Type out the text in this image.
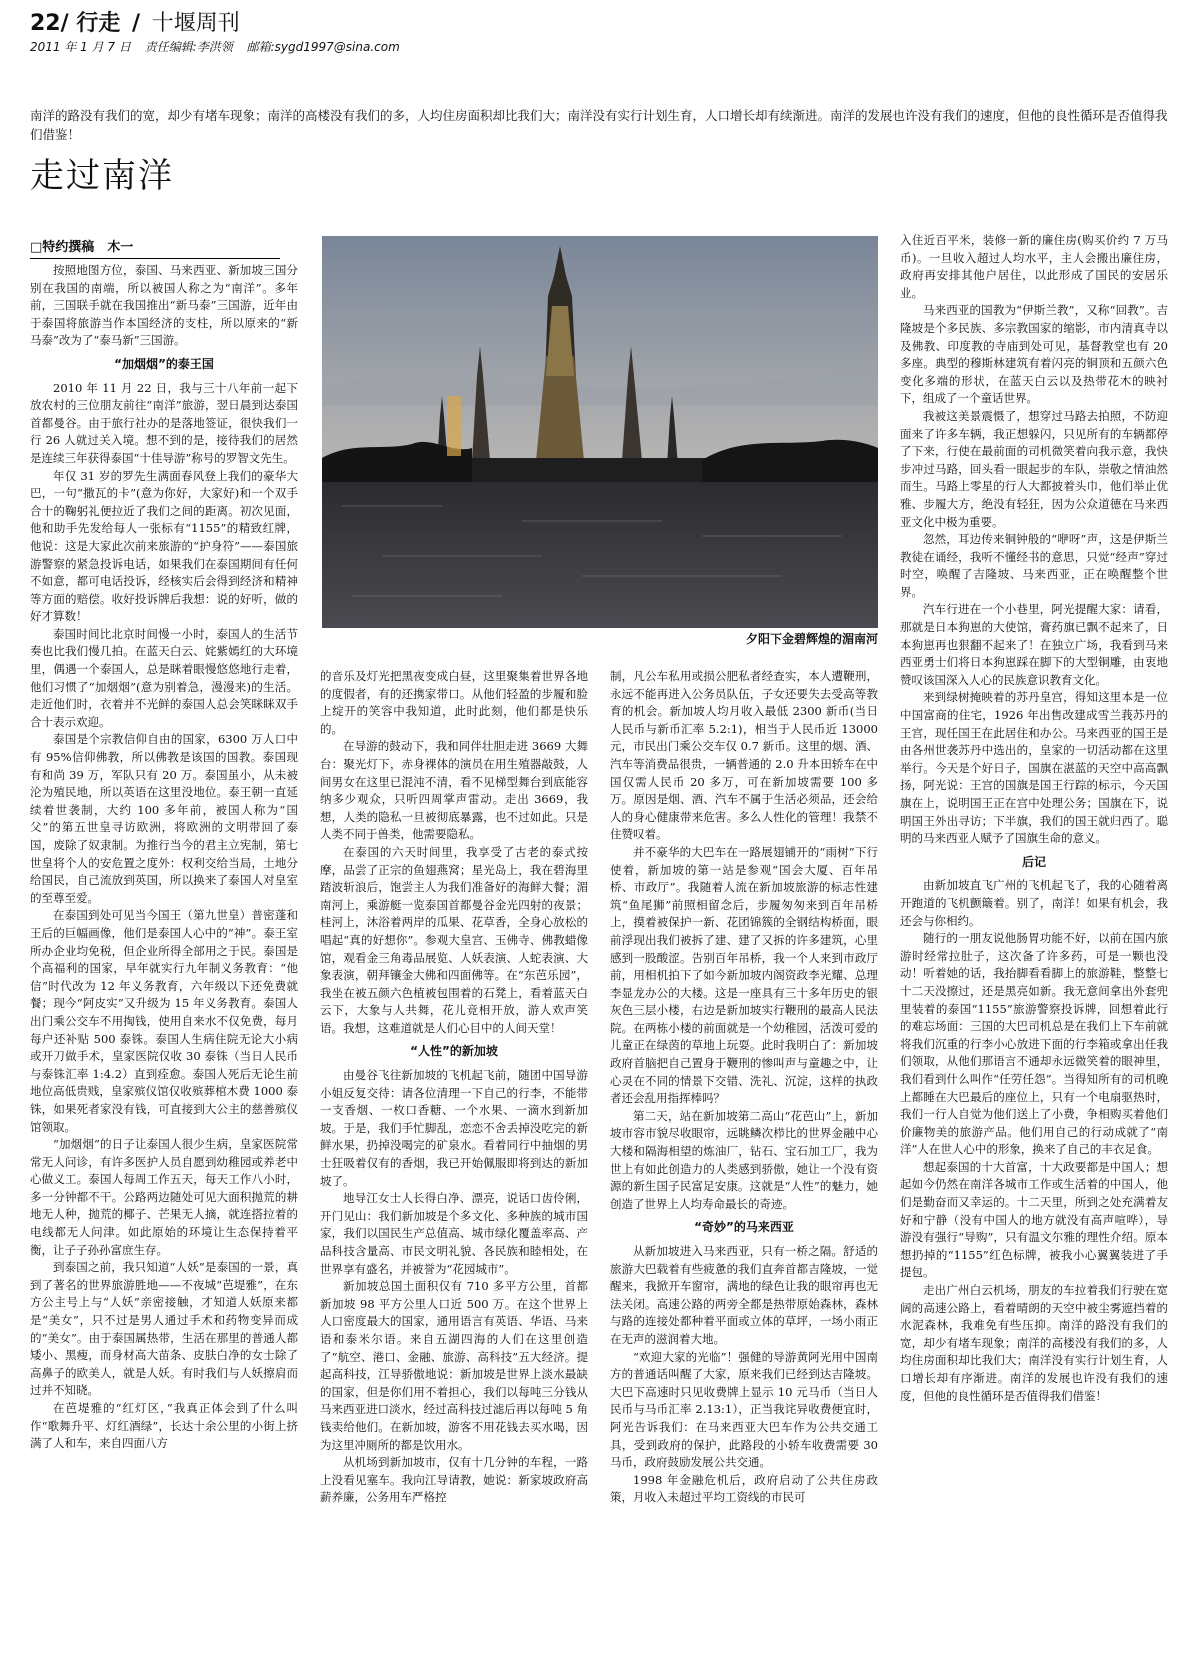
22/ 行走 / 十堰周刊
2011 年 1 月 7 日 责任编辑:李洪领 邮箱:sygd1997@sina.com
南洋的路没有我们的宽，却少有堵车现象；南洋的高楼没有我们的多，人均住房面积却比我们大；南洋没有实行计划生育，人口增长却有续渐进。南洋的发展也许没有我们的速度，但他的良性循环是否值得我们借鉴！
走过南洋
□特约撰稿　木一
夕阳下金碧辉煌的湄南河

按照地图方位，泰国、马来西亚、新加坡三国分别在我国的南端，所以被国人称之为“南洋”。多年前，三国联手就在我国推出“新马泰”三国游，近年由于泰国将旅游当作本国经济的支柱，所以原来的“新马泰”改为了“泰马新”三国游。

“加烟烟”的泰王国

2010 年 11 月 22 日，我与三十八年前一起下放农村的三位朋友前往“南洋”旅游，翌日晨到达泰国首都曼谷。由于旅行社办的是落地签证，很快我们一行 26 人就过关入境。想不到的是，接待我们的居然是连续三年获得泰国“十佳导游”称号的罗智文先生。

年仅 31 岁的罗先生满面春风登上我们的豪华大巴，一句“撒瓦的卡”(意为你好，大家好)和一个双手合十的鞠躬礼便拉近了我们之间的距离。初次见面，他和助手先发给每人一张标有“1155”的精致红牌，他说：这是大家此次前来旅游的“护身符”——泰国旅游警察的紧急投诉电话，如果我们在泰国期间有任何不如意，都可电话投诉，经核实后会得到经济和精神等方面的赔偿。收好投诉牌后我想：说的好听，做的好才算数！

泰国时间比北京时间慢一小时，泰国人的生活节奏也比我们慢几拍。在蓝天白云、姹紫嫣红的大环境里，偶遇一个泰国人，总是眯着眼慢悠悠地行走着，他们习惯了“加烟烟”(意为别着急，漫漫来)的生活。走近他们时，衣着并不光鲜的泰国人总会笑眯眯双手合十表示欢迎。

泰国是个宗教信仰自由的国家，6300 万人口中有 95%信仰佛教，所以佛教是该国的国教。泰国现有和尚 39 万，军队只有 20 万。泰国虽小，从未被沦为殖民地，所以英语在这里没地位。泰王朝一直延续着世袭制，大约 100 多年前，被国人称为“国父”的第五世皇寻访欧洲，将欧洲的文明带回了泰国，废除了奴隶制。为推行当今的君主立宪制，第七世皇将个人的安危置之度外：权利交给当局，土地分给国民，自己流放到英国，所以换来了泰国人对皇室的至尊至爱。

在泰国到处可见当今国王（第九世皇）普密蓬和王后的巨幅画像，他们是泰国人心中的“神”。泰王室所办企业均免税，但企业所得全部用之于民。泰国是个高福利的国家，早年就实行九年制义务教育：“他信”时代改为 12 年义务教育，六年级以下还免费就餐；现今“阿皮实”又升级为 15 年义务教育。泰国人出门乘公交车不用掏钱，使用自来水不仅免费，每月每户还补贴 500 泰铢。泰国人生病住院无论大小病或开刀做手术，皇家医院仅收 30 泰铢（当日人民币与泰铢汇率 1:4.2）直到痊愈。泰国人死后无论生前地位高低贵贱，皇家殡仪馆仅收殡葬棺木费 1000 泰铢，如果死者家没有钱，可直接到大公主的慈善殡仪馆领取。

“加烟烟”的日子让泰国人很少生病，皇家医院常常无人问诊，有许多医护人员自愿到幼稚园或养老中心做义工。泰国人每周工作五天，每天工作八小时，多一分钟都不干。公路两边随处可见大面积抛荒的耕地无人种，抛荒的椰子、芒果无人摘，就连搭拉着的电线都无人问津。如此原始的环境让生态保持着平衡，让子子孙孙富庶生存。

到泰国之前，我只知道“人妖”是泰国的一景，真到了著名的世界旅游胜地——不夜城“芭堤雅”，在东方公主号上与“人妖”亲密接触，才知道人妖原来都是“美女”，只不过是男人通过手术和药物变异而成的“美女”。由于泰国属热带，生活在那里的普通人都矮小、黑瘦，而身材高大苗条、皮肤白净的女士除了高鼻子的欧美人，就是人妖。有时我们与人妖擦肩而过并不知晓。

在芭堤雅的“红灯区，”我真正体会到了什么叫作“歌舞升平、灯红酒绿”，长达十余公里的小街上挤满了人和车，来自四面八方

的音乐及灯光把黑夜变成白昼，这里聚集着世界各地的度假者，有的还携家带口。从他们轻盈的步履和脸上绽开的笑容中我知道，此时此刻，他们都是快乐的。

在导游的鼓动下，我和同伴壮胆走进 3669 大舞台：聚光灯下，赤身裸体的演员在用生殖器敲鼓，人间男女在这里已混沌不清，看不见梯型舞台到底能容纳多少观众，只听四周掌声雷动。走出 3669，我想，人类的隐私一旦被彻底暴露，也不过如此。只是人类不同于兽类，他需要隐私。

在泰国的六天时间里，我享受了古老的泰式按摩，品尝了正宗的鱼翅燕窝；星光岛上，我在碧海里踏波斩浪后，饱尝主人为我们准备好的海鲜大餐；湄南河上，乘游艇一览泰国首都曼谷金光四射的夜景；桂河上，沐浴着两岸的瓜果、花草香，全身心放松的唱起“真的好想你”。参观大皇宫、玉佛寺、佛教蜡像馆，观看金三角毒品展览、人妖表演、人蛇表演、大象表演，朝拜镶金大佛和四面佛等。在“东芭乐园”，我坐在被五颜六色植被包围着的石凳上，看着蓝天白云下，大象与人共舞，花儿竞相开放，游人欢声笑语。我想，这难道就是人们心目中的人间天堂！

“人性”的新加坡

由曼谷飞往新加坡的飞机起飞前，随团中国导游小姐反复交待：请各位清理一下自己的行李，不能带一支香烟、一枚口香糖、一个水果、一滴水到新加坡。于是，我们手忙脚乱，恋恋不舍丢掉没吃完的新鲜水果，扔掉没喝完的矿泉水。看着同行中抽烟的男士狂吸着仅有的香烟，我已开始佩服即将到达的新加坡了。

地导江女士人长得白净、漂亮，说话口齿伶俐，开门见山：我们新加坡是个多文化、多种族的城市国家，我们以国民生产总值高、城市绿化覆盖率高、产品科技含量高、市民文明礼貌、各民族和睦相处，在世界享有盛名，并被誉为“花园城市”。

新加坡总国土面积仅有 710 多平方公里，首都新加坡 98 平方公里人口近 500 万。在这个世界上人口密度最大的国家，通用语言有英语、华语、马来语和泰米尔语。来自五湖四海的人们在这里创造了“航空、港口、金融、旅游、高科技”五大经济。提起高科技，江导骄傲地说：新加坡是世界上淡水最缺的国家，但是你们用不着担心，我们以每吨三分钱从马来西亚进口淡水，经过高科技过滤后再以每吨 5 角钱卖给他们。在新加坡，游客不用花钱去买水喝，因为这里冲厕所的都是饮用水。

从机场到新加坡市，仅有十几分钟的车程，一路上没看见塞车。我向江导请教，她说：新家坡政府高薪养廉，公务用车严格控

制，凡公车私用或损公肥私者经查实，本人遭鞭刑，永远不能再进入公务员队伍，子女还要失去受高等教育的机会。新加坡人均月收入最低 2300 新币(当日人民币与新币汇率 5.2:1)，相当于人民币近 13000 元，市民出门乘公交车仅 0.7 新币。这里的烟、酒、汽车等消费品很贵，一辆普通的 2.0 升本田轿车在中国仅需人民币 20 多万，可在新加坡需要 100 多万。原因是烟、酒、汽车不属于生活必须品，还会给人的身心健康带来危害。多么人性化的管理！我禁不住赞叹着。

并不豪华的大巴车在一路展翅铺开的“雨树”下行使着，新加坡的第一站是参观“国会大厦、百年吊桥、市政厅”。我随着人流在新加坡旅游的标志性建筑“鱼尾狮”前照相留念后，步履匆匆来到百年吊桥上，摸着被保护一新、花团锦簇的全钢结构桥面，眼前浮现出我们被拆了建、建了又拆的许多建筑，心里感到一股酸涩。告别百年吊桥，我一个人来到市政厅前，用相机拍下了如今新加坡内阁资政李光耀、总理李显龙办公的大楼。这是一座具有三十多年历史的银灰色三层小楼，右边是新加坡实行鞭刑的最高人民法院。在两栋小楼的前面就是一个幼稚园，活泼可爱的儿童正在绿茵的草地上玩耍。此时我明白了：新加坡政府首脑把自己置身于鞭刑的惨叫声与童趣之中，让心灵在不同的情景下交错、洗礼、沉淀，这样的执政者还会乱用指挥棒吗？

第二天，站在新加坡第二高山“花芭山”上，新加坡市容市貌尽收眼帘，远眺鳞次栉比的世界金融中心大楼和隔海相望的炼油厂，钻石、宝石加工厂，我为世上有如此创造力的人类感到骄傲，她让一个没有资源的新生国子民富足安康。这就是“人性”的魅力，她创造了世界上人均寿命最长的奇迹。

“奇妙”的马来西亚

从新加坡进入马来西亚，只有一桥之隔。舒适的旅游大巴载着有些疲惫的我们直奔首都吉隆坡，一觉醒来，我掀开车窗帘，满地的绿色让我的眼帘再也无法关闭。高速公路的两旁全都是热带原始森林，森林与路的连接处都种着平面或立体的草坪，一场小雨正在无声的滋润着大地。

“欢迎大家的光临”！强健的导游黄阿光用中国南方的普通话叫醒了大家，原来我们已经到达吉隆坡。大巴下高速时只见收费牌上显示 10 元马币（当日人民币与马币汇率 2.13:1），正当我诧异收费便宜时，阿光告诉我们：在马来西亚大巴车作为公共交通工具，受到政府的保护，此路段的小轿车收费需要 30 马币，政府鼓励发展公共交通。

1998 年金融危机后，政府启动了公共住房政策，月收入未超过平均工资线的市民可

入住近百平米，装修一新的廉住房(购买价约 7 万马币)。一旦收入超过人均水平，主人会搬出廉住房，政府再安排其他户居住，以此形成了国民的安居乐业。

马来西亚的国教为“伊斯兰教”，又称“回教”。吉隆坡是个多民族、多宗教国家的缩影，市内清真寺以及佛教、印度教的寺庙到处可见，基督教堂也有 20 多座。典型的穆斯林建筑有着闪亮的铜顶和五颜六色变化多端的形状，在蓝天白云以及热带花木的映衬下，组成了一个童话世界。

我被这美景震慑了，想穿过马路去拍照，不防迎面来了许多车辆，我正想躲闪，只见所有的车辆都停了下来，行使在最前面的司机微笑着向我示意，我快步冲过马路，回头看一眼起步的车队，崇敬之情油然而生。马路上零星的行人大都披着头巾，他们举止优雅、步履大方，绝没有轻狂，因为公众道德在马来西亚文化中极为重要。

忽然，耳边传来铜钟般的“咿呀”声，这是伊斯兰教徒在诵经，我听不懂经书的意思，只觉“经声”穿过时空，唤醒了吉隆坡、马来西亚，正在唤醒整个世界。

汽车行进在一个小巷里，阿光提醒大家：请看，那就是日本狗崽的大使馆，膏药旗已飘不起来了，日本狗崽再也狠翻不起来了！在独立广场，我看到马来西亚勇士们将日本狗崽踩在脚下的大型铜雕，由衷地赞叹该国深入人心的民族意识教育文化。

来到绿树掩映着的苏丹皇宫，得知这里本是一位中国富商的住宅，1926 年出售改建成雪兰莪苏丹的王宫，现任国王在此居住和办公。马来西亚的国王是由各州世袭苏丹中选出的，皇家的一切活动都在这里举行。今天是个好日子，国旗在湛蓝的天空中高高飘扬，阿光说：王宫的国旗是国王行踪的标示，今天国旗在上，说明国王正在宫中处理公务；国旗在下，说明国王外出寻访；下半旗，我们的国王就归西了。聪明的马来西亚人赋予了国旗生命的意义。

后记

由新加坡直飞广州的飞机起飞了，我的心随着离开跑道的飞机颤簸着。别了，南洋！如果有机会，我还会与你相约。

随行的一朋友说他肠胃功能不好，以前在国内旅游时经常拉肚子，这次备了许多药，可是一颗也没动！听着她的话，我抬脚看看脚上的旅游鞋，整整七十二天没擦过，还是黑亮如新。我无意间拿出外套兜里装着的泰国“1155”旅游警察投诉牌，回想着此行的难忘场面：三国的大巴司机总是在我们上下车前就将我们沉重的行李小心放进下面的行李箱或拿出任我们领取，从他们那语言不通却永远微笑着的眼神里，我们看到什么叫作“任劳任怨”。当得知所有的司机晚上都睡在大巴最后的座位上，只有一个电扇驱热时，我们一行人自觉为他们送上了小费，争相购买着他们价廉物美的旅游产品。他们用自己的行动成就了“南洋”人在世人心中的形象，换来了自己的丰衣足食。

想起泰国的十大首富，十大政要都是中国人；想起如今仍然在南洋各城市工作或生活着的中国人，他们是勤奋而又幸运的。十二天里，所到之处充满着友好和宁静（没有中国人的地方就没有高声喧哗），导游没有强行“导购”，只有温文尔雅的理性介绍。原本想扔掉的“1155”红色标牌，被我小心翼翼装进了手提包。

走出广州白云机场，朋友的车拉着我们行驶在宽阔的高速公路上，看着晴朗的天空中被尘雾遮挡着的水泥森林，我难免有些压抑。南洋的路没有我们的宽，却少有堵车现象；南洋的高楼没有我们的多，人均住房面积却比我们大；南洋没有实行计划生育，人口增长却有序渐进。南洋的发展也许没有我们的速度，但他的良性循环是否值得我们借鉴！
